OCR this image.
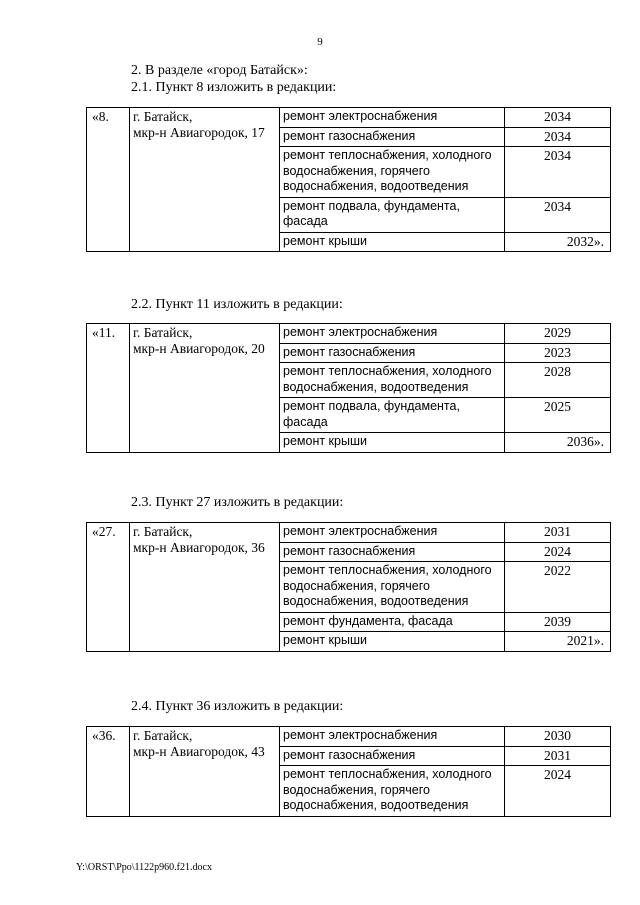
9
2. В разделе «город Батайск»:
2.1. Пункт 8 изложить в редакции:
«8.	г. Батайск,
мкр-н Авиагородок, 17	ремонт электроснабжения	2034
		ремонт газоснабжения	2034
		ремонт теплоснабжения, холодного водоснабжения, горячего водоснабжения, водоотведения	2034
		ремонт подвала, фундамента, фасада	2034
		ремонт крыши	2032».
2.2. Пункт 11 изложить в редакции:
«11.	г. Батайск,
мкр-н Авиагородок, 20	ремонт электроснабжения	2029
		ремонт газоснабжения	2023
		ремонт теплоснабжения, холодного водоснабжения, водоотведения	2028
		ремонт подвала, фундамента, фасада	2025
		ремонт крыши	2036».
2.3. Пункт 27 изложить в редакции:
«27.	г. Батайск,
мкр-н Авиагородок, 36	ремонт электроснабжения	2031
		ремонт газоснабжения	2024
		ремонт теплоснабжения, холодного водоснабжения, горячего водоснабжения, водоотведения	2022
		ремонт фундамента, фасада	2039
		ремонт крыши	2021».
2.4. Пункт 36 изложить в редакции:
«36.	г. Батайск,
мкр-н Авиагородок, 43	ремонт электроснабжения	2030
		ремонт газоснабжения	2031
		ремонт теплоснабжения, холодного водоснабжения, горячего водоснабжения, водоотведения	2024
Y:\ORST\Ppo\1122p960.f21.docx
